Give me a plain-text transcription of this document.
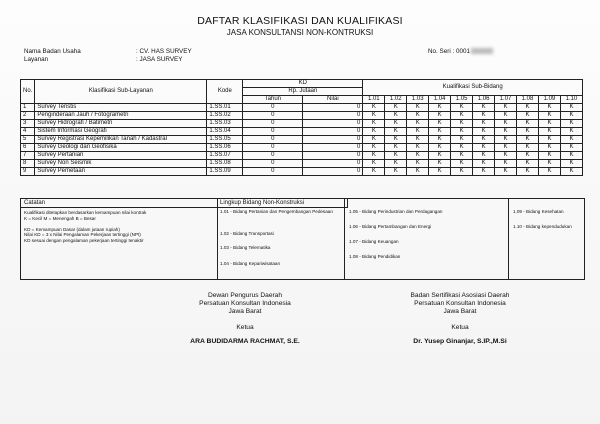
DAFTAR KLASIFIKASI DAN KUALIFIKASI
JASA KONSULTANSI NON-KONTRUKSI
Nama Badan Usaha	: CV. HAS SURVEY
Layanan	: JASA SURVEY
No. Seri : 0001
No.	Klasifikasi Sub-Layanan	Kode	KD		Kualifikasi Sub-Bidang									
			Rp. Jutaan											
			Tahun	Nilai	1.01	1.02	1.03	1.04	1.05	1.06	1.07	1.08	1.09	1.10
1	Survey Teristis	1.SS.01	0	0	K	K	K	K	K	K	K	K	K	K
2	Penginderaan Jauh / Fotogrametri	1.SS.02	0	0	K	K	K	K	K	K	K	K	K	K
3	Survey Hidrografi / Batimetri	1.SS.03	0	0	K	K	K	K	K	K	K	K	K	K
4	Sistem Informasi Geografi	1.SS.04	0	0	K	K	K	K	K	K	K	K	K	K
5	Survey Registrasi Kepemilikan Tanah / Kadastral	1.SS.05	0	0	K	K	K	K	K	K	K	K	K	K
6	Survey Geologi dan Geofisika	1.SS.06	0	0	K	K	K	K	K	K	K	K	K	K
7	Survey Pertanian	1.SS.07	0	0	K	K	K	K	K	K	K	K	K	K
8	Survey Non Seismik	1.SS.08	0	0	K	K	K	K	K	K	K	K	K	K
9	Survey Pemetaan	1.SS.09	0	0	K	K	K	K	K	K	K	K	K	K
Catatan
Kualifikasi ditetapkan berdasarkan kemampuan nilai kontrak
K = Kecil M = Menengah B = Besar
KD = Kemampuan Dasar (dalam jutaan rupiah)
Nilai KD = 3 x Nilai Pengalaman Pekerjaan tertinggi (NPt)
KD sesuai dengan pengalaman pekerjaan tertinggi tenaktir
Lingkup Bidang Non-Konstruksi
1.01 - Bidang Pertanian dan Pengembangan Pedesaan
1.02 - Bidang Transportasi
1.03 - Bidang Telematika
1.04 - Bidang Kepariwisataan
1.05 - Bidang Perindustrian dan Perdagangan
1.06 - Bidang Pertambangan dan Energi
1.07 - Bidang Keuangan
1.08 - Bidang Pendidikan
1.09 - Bidang Kesehatan
1.10 - Bidang kependudukan
Dewan Pengurus Daerah
Persatuan Konsultan Indonesia
Jawa Barat
Ketua
ARA BUDIDARMA RACHMAT, S.E.
Badan Sertifikasi Asosiasi Daerah
Persatuan Konsultan Indonesia
Jawa Barat
Ketua
Dr. Yusep Ginanjar, S.IP.,M.Si
